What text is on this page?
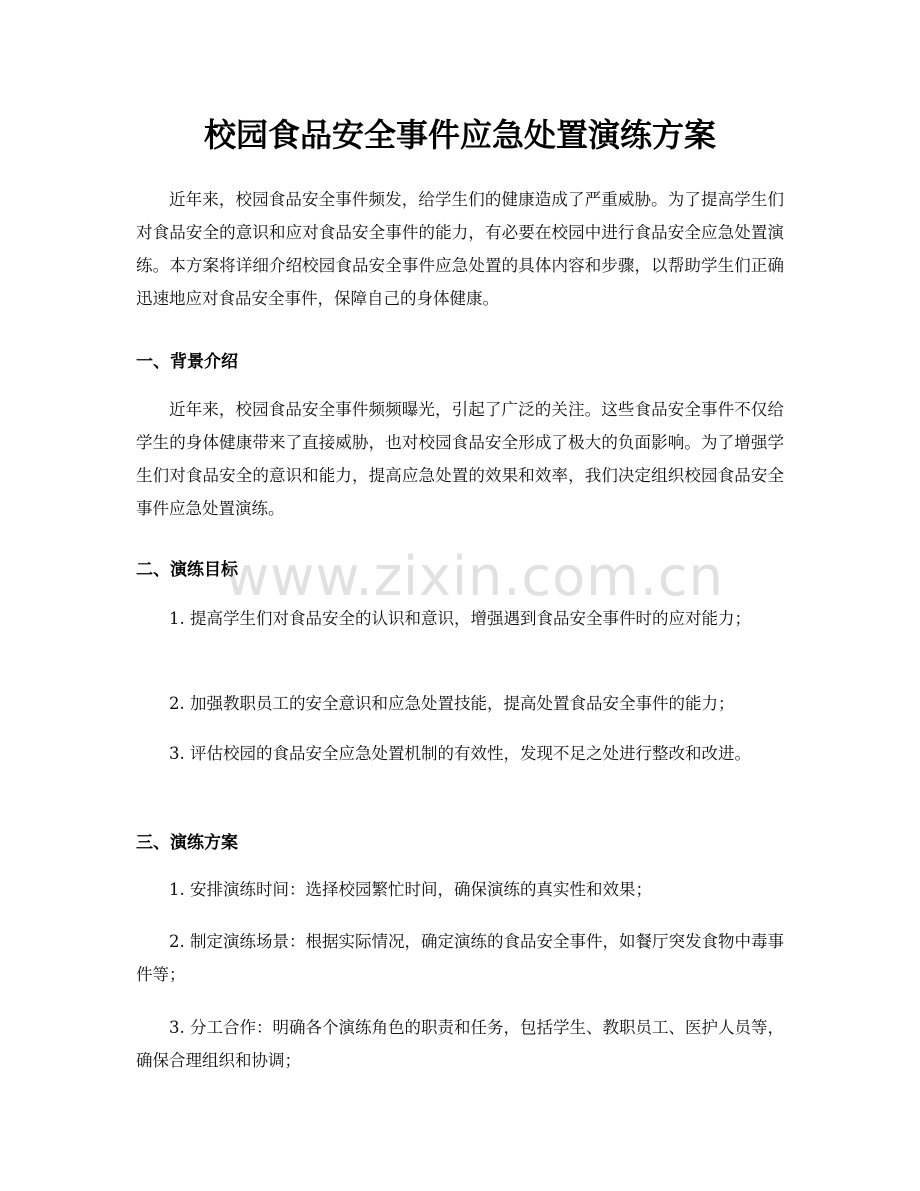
校园食品安全事件应急处置演练方案
近年来，校园食品安全事件频发，给学生们的健康造成了严重威胁。为了提高学生们对食品安全的意识和应对食品安全事件的能力，有必要在校园中进行食品安全应急处置演练。本方案将详细介绍校园食品安全事件应急处置的具体内容和步骤，以帮助学生们正确迅速地应对食品安全事件，保障自己的身体健康。
一、背景介绍
近年来，校园食品安全事件频频曝光，引起了广泛的关注。这些食品安全事件不仅给学生的身体健康带来了直接威胁，也对校园食品安全形成了极大的负面影响。为了增强学生们对食品安全的意识和能力，提高应急处置的效果和效率，我们决定组织校园食品安全事件应急处置演练。
二、演练目标
1. 提高学生们对食品安全的认识和意识，增强遇到食品安全事件时的应对能力；
2. 加强教职员工的安全意识和应急处置技能，提高处置食品安全事件的能力；
3. 评估校园的食品安全应急处置机制的有效性，发现不足之处进行整改和改进。
三、演练方案
1. 安排演练时间：选择校园繁忙时间，确保演练的真实性和效果；
2. 制定演练场景：根据实际情况，确定演练的食品安全事件，如餐厅突发食物中毒事件等；
3. 分工合作：明确各个演练角色的职责和任务，包括学生、教职员工、医护人员等，确保合理组织和协调；
www.zixin.com.cn
